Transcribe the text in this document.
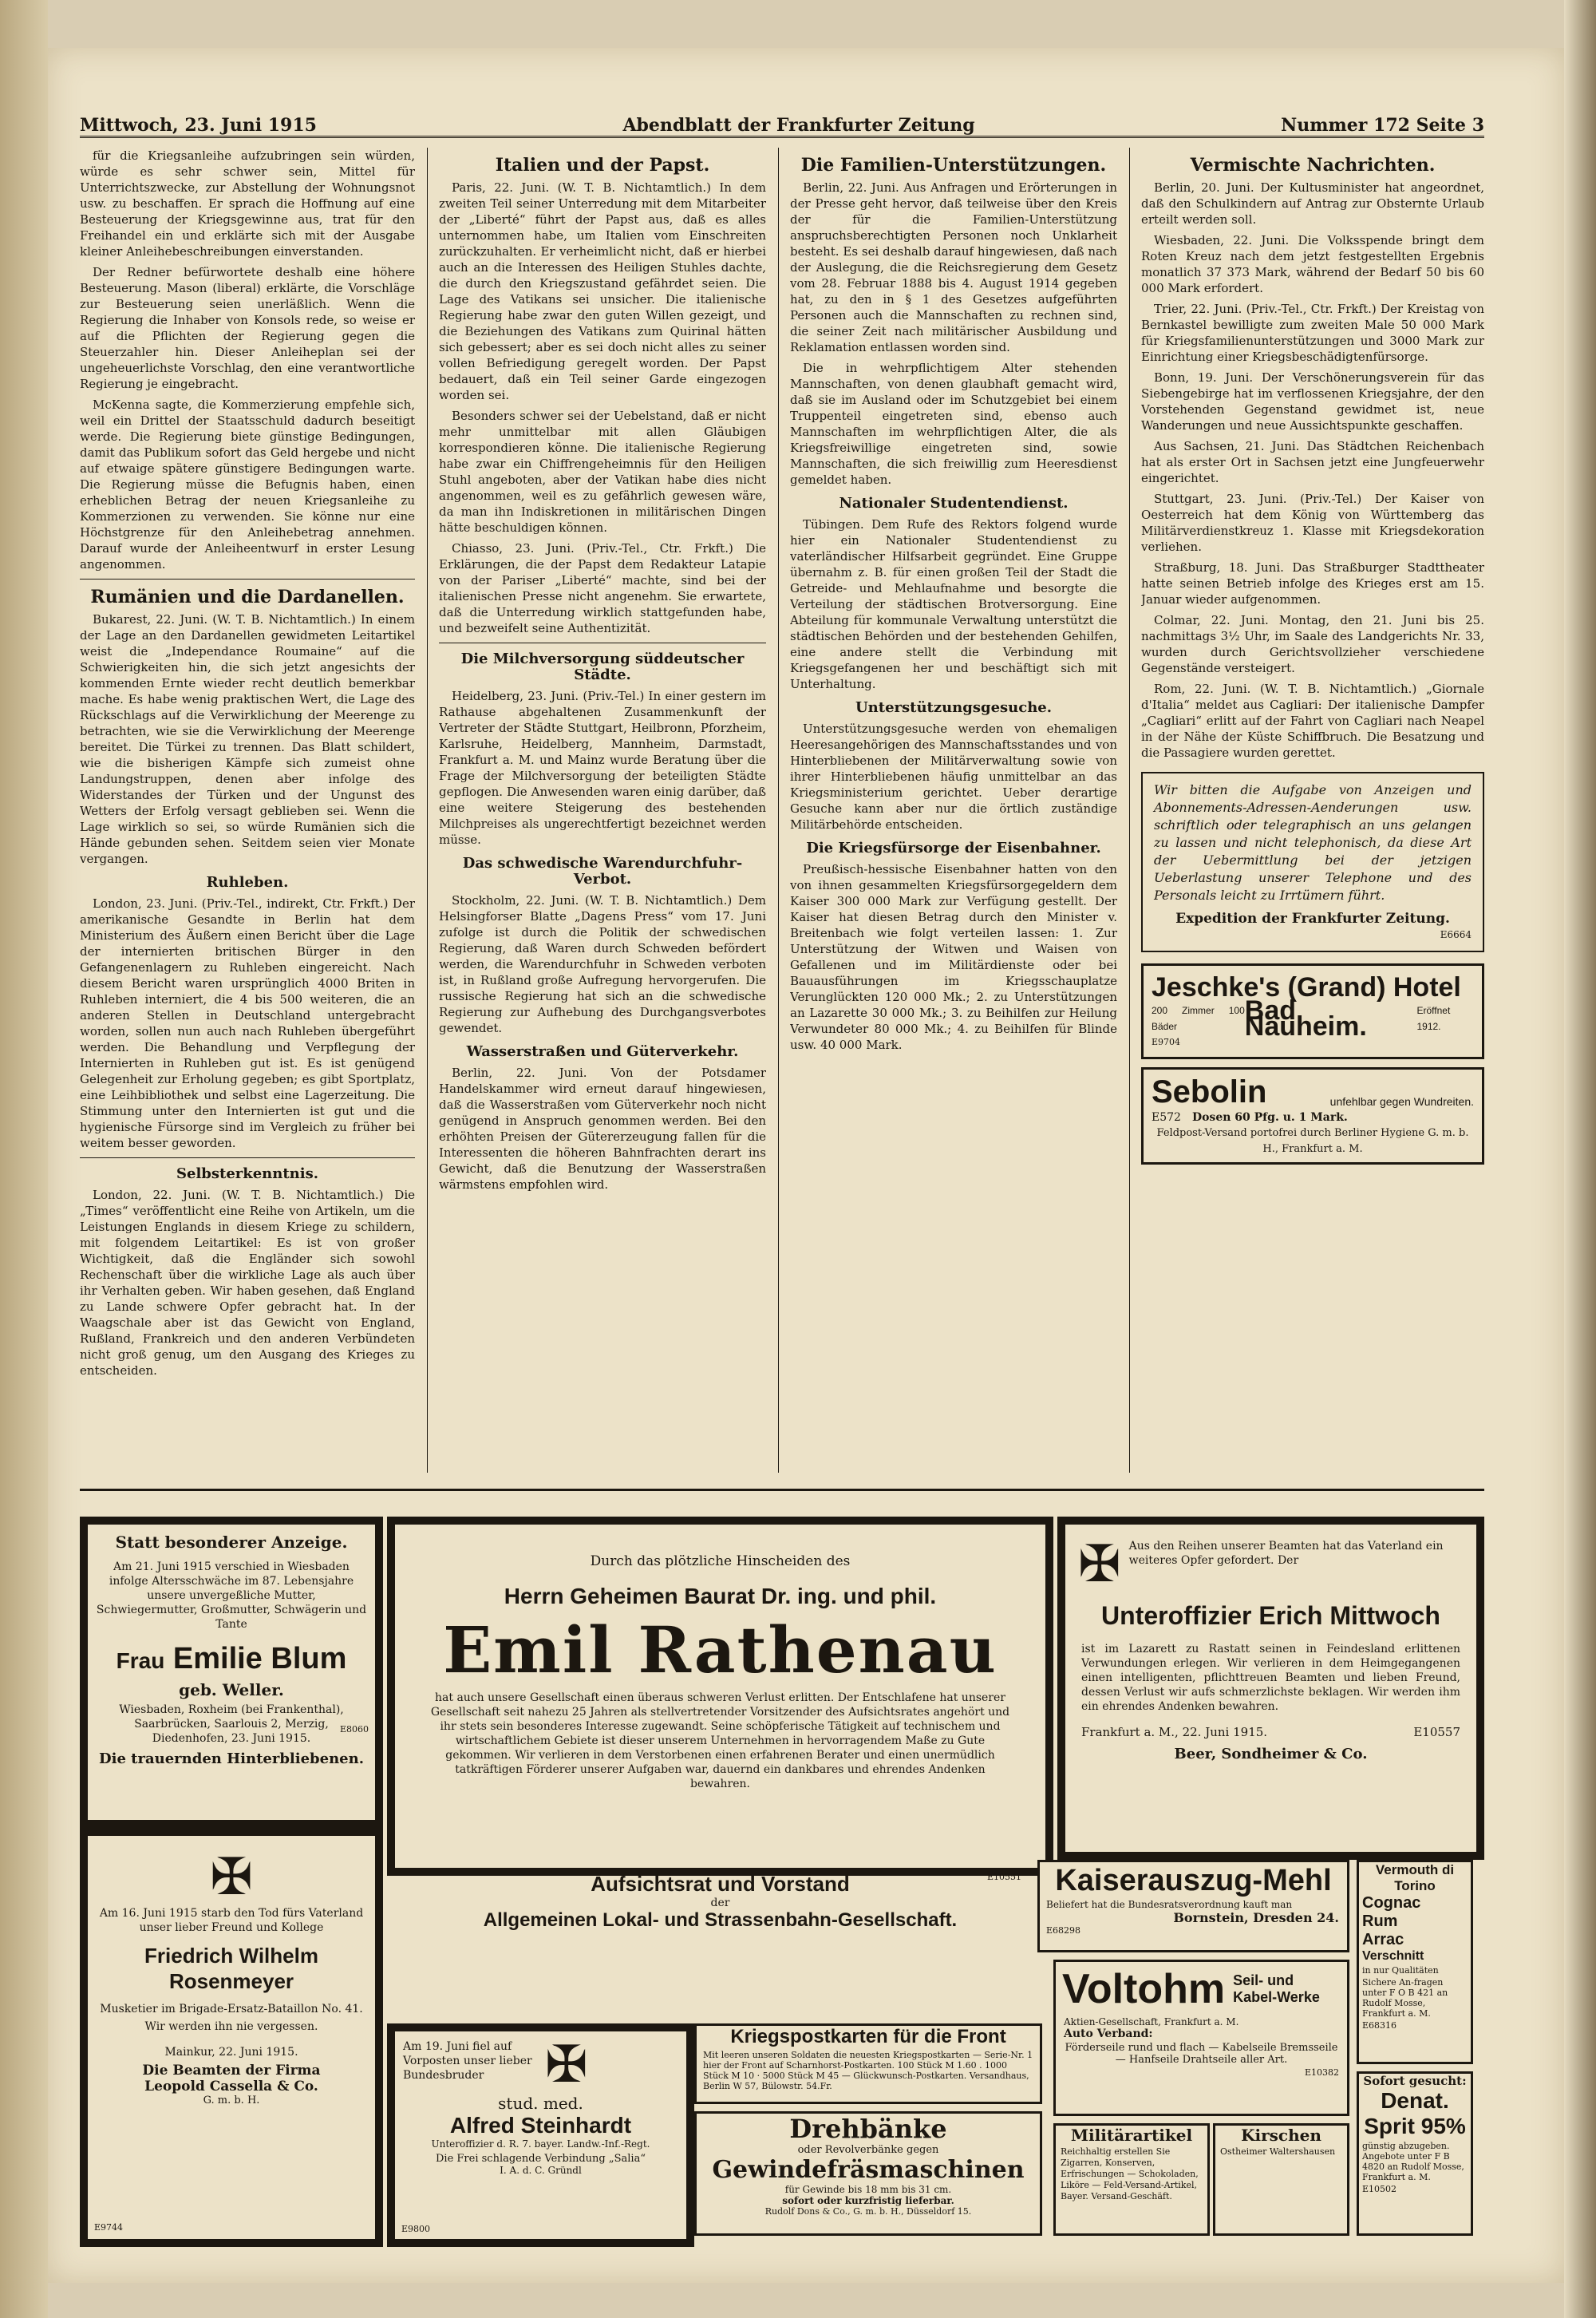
Mittwoch, 23. Juni 1915	Abendblatt der Frankfurter Zeitung	Nummer 172 Seite 3

für die Kriegsanleihe aufzubringen sein würden, würde es sehr schwer sein, Mittel für Unterrichtszwecke, zur Abstellung der Wohnungsnot usw. zu beschaffen. Er sprach die Hoffnung auf eine Besteuerung der Kriegsgewinne aus, trat für den Freihandel ein und erklärte sich mit der Ausgabe kleiner Anleihebeschreibungen einverstanden.

Der Redner befürwortete deshalb eine höhere Besteuerung. Mason (liberal) erklärte, die Vorschläge zur Besteuerung seien unerläßlich. Wenn die Regierung die Inhaber von Konsols rede, so weise er auf die Pflichten der Regierung gegen die Steuerzahler hin. Dieser Anleiheplan sei der ungeheuerlichste Vorschlag, den eine verantwortliche Regierung je eingebracht.

McKenna sagte, die Kommerzierung empfehle sich, weil ein Drittel der Staatsschuld dadurch beseitigt werde. Die Regierung biete günstige Bedingungen, damit das Publikum sofort das Geld hergebe und nicht auf etwaige spätere günstigere Bedingungen warte. Die Regierung müsse die Befugnis haben, einen erheblichen Betrag der neuen Kriegsanleihe zu Kommerzionen zu verwenden. Sie könne nur eine Höchstgrenze für den Anleihebetrag annehmen. Darauf wurde der Anleiheentwurf in erster Lesung angenommen.

Rumänien und die Dardanellen.

Bukarest, 22. Juni. (W. T. B. Nichtamtlich.) In einem der Lage an den Dardanellen gewidmeten Leitartikel weist die „Independance Roumaine“ auf die Schwierigkeiten hin, die sich jetzt angesichts der kommenden Ernte wieder recht deutlich bemerkbar mache. Es habe wenig praktischen Wert, die Lage des Rückschlags auf die Verwirklichung der Meerenge zu betrachten, wie sie die Verwirklichung der Meerenge bereitet. Die Türkei zu trennen. Das Blatt schildert, wie die bisherigen Kämpfe sich zumeist ohne Landungstruppen, denen aber infolge des Widerstandes der Türken und der Ungunst des Wetters der Erfolg versagt geblieben sei. Wenn die Lage wirklich so sei, so würde Rumänien sich die Hände gebunden sehen. Seitdem seien vier Monate vergangen.

Ruhleben.

London, 23. Juni. (Priv.-Tel., indirekt, Ctr. Frkft.) Der amerikanische Gesandte in Berlin hat dem Ministerium des Äußern einen Bericht über die Lage der internierten britischen Bürger in den Gefangenenlagern zu Ruhleben eingereicht. Nach diesem Bericht waren ursprünglich 4000 Briten in Ruhleben interniert, die 4 bis 500 weiteren, die an anderen Stellen in Deutschland untergebracht worden, sollen nun auch nach Ruhleben übergeführt werden. Die Behandlung und Verpflegung der Internierten in Ruhleben gut ist. Es ist genügend Gelegenheit zur Erholung gegeben; es gibt Sportplatz, eine Leihbibliothek und selbst eine Lagerzeitung. Die Stimmung unter den Internierten ist gut und die hygienische Fürsorge sind im Vergleich zu früher bei weitem besser geworden.

Selbsterkenntnis.

London, 22. Juni. (W. T. B. Nichtamtlich.) Die „Times“ veröffentlicht eine Reihe von Artikeln, um die Leistungen Englands in diesem Kriege zu schildern, mit folgendem Leitartikel: Es ist von großer Wichtigkeit, daß die Engländer sich sowohl Rechenschaft über die wirkliche Lage als auch über ihr Verhalten geben. Wir haben gesehen, daß England zu Lande schwere Opfer gebracht hat. In der Waagschale aber ist das Gewicht von England, Rußland, Frankreich und den anderen Verbündeten nicht groß genug, um den Ausgang des Krieges zu entscheiden.

Italien und der Papst.

Paris, 22. Juni. (W. T. B. Nichtamtlich.) In dem zweiten Teil seiner Unterredung mit dem Mitarbeiter der „Liberté“ führt der Papst aus, daß es alles unternommen habe, um Italien vom Einschreiten zurückzuhalten. Er verheimlicht nicht, daß er hierbei auch an die Interessen des Heiligen Stuhles dachte, die durch den Kriegszustand gefährdet seien. Die Lage des Vatikans sei unsicher. Die italienische Regierung habe zwar den guten Willen gezeigt, und die Beziehungen des Vatikans zum Quirinal hätten sich gebessert; aber es sei doch nicht alles zu seiner vollen Befriedigung geregelt worden. Der Papst bedauert, daß ein Teil seiner Garde eingezogen worden sei.

Besonders schwer sei der Uebelstand, daß er nicht mehr unmittelbar mit allen Gläubigen korrespondieren könne. Die italienische Regierung habe zwar ein Chiffrengeheimnis für den Heiligen Stuhl angeboten, aber der Vatikan habe dies nicht angenommen, weil es zu gefährlich gewesen wäre, da man ihn Indiskretionen in militärischen Dingen hätte beschuldigen können.

Chiasso, 23. Juni. (Priv.-Tel., Ctr. Frkft.) Die Erklärungen, die der Papst dem Redakteur Latapie von der Pariser „Liberté“ machte, sind bei der italienischen Presse nicht angenehm. Sie erwartete, daß die Unterredung wirklich stattgefunden habe, und bezweifelt seine Authentizität.

Die Milchversorgung süddeutscher Städte.

Heidelberg, 23. Juni. (Priv.-Tel.) In einer gestern im Rathause abgehaltenen Zusammenkunft der Vertreter der Städte Stuttgart, Heilbronn, Pforzheim, Karlsruhe, Heidelberg, Mannheim, Darmstadt, Frankfurt a. M. und Mainz wurde Beratung über die Frage der Milchversorgung der beteiligten Städte gepflogen. Die Anwesenden waren einig darüber, daß eine weitere Steigerung des bestehenden Milchpreises als ungerechtfertigt bezeichnet werden müsse.

Das schwedische Warendurchfuhr-Verbot.

Stockholm, 22. Juni. (W. T. B. Nichtamtlich.) Dem Helsingforser Blatte „Dagens Press“ vom 17. Juni zufolge ist durch die Politik der schwedischen Regierung, daß Waren durch Schweden befördert werden, die Warendurchfuhr in Schweden verboten ist, in Rußland große Aufregung hervorgerufen. Die russische Regierung hat sich an die schwedische Regierung zur Aufhebung des Durchgangsverbotes gewendet.

Wasserstraßen und Güterverkehr.

Berlin, 22. Juni. Von der Potsdamer Handelskammer wird erneut darauf hingewiesen, daß die Wasserstraßen vom Güterverkehr noch nicht genügend in Anspruch genommen werden. Bei den erhöhten Preisen der Gütererzeugung fallen für die Interessenten die höheren Bahnfrachten derart ins Gewicht, daß die Benutzung der Wasserstraßen wärmstens empfohlen wird.

Die Familien-Unterstützungen.

Berlin, 22. Juni. Aus Anfragen und Erörterungen in der Presse geht hervor, daß teilweise über den Kreis der für die Familien-Unterstützung anspruchsberechtigten Personen noch Unklarheit besteht. Es sei deshalb darauf hingewiesen, daß nach der Auslegung, die die Reichsregierung dem Gesetz vom 28. Februar 1888 bis 4. August 1914 gegeben hat, zu den in § 1 des Gesetzes aufgeführten Personen auch die Mannschaften zu rechnen sind, die seiner Zeit nach militärischer Ausbildung und Reklamation entlassen worden sind.

Die in wehrpflichtigem Alter stehenden Mannschaften, von denen glaubhaft gemacht wird, daß sie im Ausland oder im Schutzgebiet bei einem Truppenteil eingetreten sind, ebenso auch Mannschaften im wehrpflichtigen Alter, die als Kriegsfreiwillige eingetreten sind, sowie Mannschaften, die sich freiwillig zum Heeresdienst gemeldet haben.

Nationaler Studentendienst.

Tübingen. Dem Rufe des Rektors folgend wurde hier ein Nationaler Studentendienst zu vaterländischer Hilfsarbeit gegründet. Eine Gruppe übernahm z. B. für einen großen Teil der Stadt die Getreide- und Mehlaufnahme und besorgte die Verteilung der städtischen Brotversorgung. Eine Abteilung für kommunale Verwaltung unterstützt die städtischen Behörden und der bestehenden Gehilfen, eine andere stellt die Verbindung mit Kriegsgefangenen her und beschäftigt sich mit Unterhaltung.

Unterstützungsgesuche.

Unterstützungsgesuche werden von ehemaligen Heeresangehörigen des Mannschaftsstandes und von Hinterbliebenen der Militärverwaltung sowie von ihrer Hinterbliebenen häufig unmittelbar an das Kriegsministerium gerichtet. Ueber derartige Gesuche kann aber nur die örtlich zuständige Militärbehörde entscheiden.

Die Kriegsfürsorge der Eisenbahner.

Preußisch-hessische Eisenbahner hatten von den von ihnen gesammelten Kriegsfürsorgegeldern dem Kaiser 300 000 Mark zur Verfügung gestellt. Der Kaiser hat diesen Betrag durch den Minister v. Breitenbach wie folgt verteilen lassen: 1. Zur Unterstützung der Witwen und Waisen von Gefallenen und im Militärdienste oder bei Bauausführungen im Kriegsschauplatze Verunglückten 120 000 Mk.; 2. zu Unterstützungen an Lazarette 30 000 Mk.; 3. zu Beihilfen zur Heilung Verwundeter 80 000 Mk.; 4. zu Beihilfen für Blinde usw. 40 000 Mark.

Vermischte Nachrichten.

Berlin, 20. Juni. Der Kultusminister hat angeordnet, daß den Schulkindern auf Antrag zur Obsternte Urlaub erteilt werden soll.

Wiesbaden, 22. Juni. Die Volksspende bringt dem Roten Kreuz nach dem jetzt festgestellten Ergebnis monatlich 37 373 Mark, während der Bedarf 50 bis 60 000 Mark erfordert.

Trier, 22. Juni. (Priv.-Tel., Ctr. Frkft.) Der Kreistag von Bernkastel bewilligte zum zweiten Male 50 000 Mark für Kriegsfamilienunterstützungen und 3000 Mark zur Einrichtung einer Kriegsbeschädigtenfürsorge.

Bonn, 19. Juni. Der Verschönerungsverein für das Siebengebirge hat im verflossenen Kriegsjahre, der den Vorstehenden Gegenstand gewidmet ist, neue Wanderungen und neue Aussichtspunkte geschaffen.

Aus Sachsen, 21. Juni. Das Städtchen Reichenbach hat als erster Ort in Sachsen jetzt eine Jungfeuerwehr eingerichtet.

Stuttgart, 23. Juni. (Priv.-Tel.) Der Kaiser von Oesterreich hat dem König von Württemberg das Militärverdienstkreuz 1. Klasse mit Kriegsdekoration verliehen.

Straßburg, 18. Juni. Das Straßburger Stadttheater hatte seinen Betrieb infolge des Krieges erst am 15. Januar wieder aufgenommen.

Colmar, 22. Juni. Montag, den 21. Juni bis 25. nachmittags 3½ Uhr, im Saale des Landgerichts Nr. 33, wurden durch Gerichtsvollzieher verschiedene Gegenstände versteigert.

Rom, 22. Juni. (W. T. B. Nichtamtlich.) „Giornale d'Italia“ meldet aus Cagliari: Der italienische Dampfer „Cagliari“ erlitt auf der Fahrt von Cagliari nach Neapel in der Nähe der Küste Schiffbruch. Die Besatzung und die Passagiere wurden gerettet.

Wir bitten die Aufgabe von Anzeigen und Abonnements-Adressen-Aenderungen usw. schriftlich oder telegraphisch an uns gelangen zu lassen und nicht telephonisch, da diese Art der Uebermittlung bei der jetzigen Ueberlastung unserer Telephone und des Personals leicht zu Irrtümern führt.
Expedition der Frankfurter Zeitung.
E6664
Jeschke's (Grand) Hotel
200 Zimmer 100 Bäder
Bad Nauheim.
Eröffnet 1912.
E9704
Sebolin	unfehlbar gegen Wundreiten.
E572 Dosen 60 Pfg. u. 1 Mark.
Feldpost-Versand portofrei durch Berliner Hygiene G. m. b. H., Frankfurt a. M.
Statt besonderer Anzeige.
Am 21. Juni 1915 verschied in Wiesbaden infolge Altersschwäche im 87. Lebensjahre unsere unvergeßliche Mutter, Schwiegermutter, Großmutter, Schwägerin und Tante
Frau Emilie Blum
geb. Weller.
Wiesbaden, Roxheim (bei Frankenthal), Saarbrücken, Saarlouis 2, Merzig, Diedenhofen, 23. Juni 1915.
Die trauernden Hinterbliebenen.
E8060
Durch das plötzliche Hinscheiden des
Herrn Geheimen Baurat Dr. ing. und phil.
Emil Rathenau
hat auch unsere Gesellschaft einen überaus schweren Verlust erlitten. Der Entschlafene hat unserer Gesellschaft seit nahezu 25 Jahren als stellvertretender Vorsitzender des Aufsichtsrates angehört und ihr stets sein besonderes Interesse zugewandt. Seine schöpferische Tätigkeit auf technischem und wirtschaftlichem Gebiete ist dieser unserem Unternehmen in hervorragendem Maße zu Gute gekommen. Wir verlieren in dem Verstorbenen einen erfahrenen Berater und einen unermüdlich tatkräftigen Förderer unserer Aufgaben war, dauernd ein dankbares und ehrendes Andenken bewahren.
Aufsichtsrat und Vorstand
der
Allgemeinen Lokal- und Strassenbahn-Gesellschaft.
E10551
✠ Aus den Reihen unserer Beamten hat das Vaterland ein weiteres Opfer gefordert. Der
Unteroffizier Erich Mittwoch
ist im Lazarett zu Rastatt seinen in Feindesland erlittenen Verwundungen erlegen. Wir verlieren in dem Heimgegangenen einen intelligenten, pflichttreuen Beamten und lieben Freund, dessen Verlust wir aufs schmerzlichste beklagen. Wir werden ihm ein ehrendes Andenken bewahren.
Frankfurt a. M., 22. Juni 1915.	E10557
Beer, Sondheimer & Co.
✠
Am 16. Juni 1915 starb den Tod fürs Vaterland unser lieber Freund und Kollege
Friedrich Wilhelm Rosenmeyer
Musketier im Brigade-Ersatz-Bataillon No. 41.
Wir werden ihn nie vergessen.
Mainkur, 22. Juni 1915.
Die Beamten der Firma
Leopold Cassella & Co.
G. m. b. H.
E9744
Am 19. Juni fiel auf Vorposten unser lieber Bundesbruder	✠
stud. med.
Alfred Steinhardt
Unteroffizier d. R. 7. bayer. Landw.-Inf.-Regt.
Die Frei schlagende Verbindung „Salia“
I. A. d. C. Gründl
E9800
Kriegspostkarten für die Front
Mit leeren unseren Soldaten die neuesten Kriegspostkarten — Serie-Nr. 1 hier der Front auf Scharnhorst-Postkarten. 100 Stück M 1.60 . 1000 Stück M 10 · 5000 Stück M 45 — Glückwunsch-Postkarten. Versandhaus, Berlin W 57, Bülowstr. 54.Fr.
Drehbänke
oder Revolverbänke gegen
Gewindefräsmaschinen
für Gewinde bis 18 mm bis 31 cm.
sofort oder kurzfristig lieferbar.
Rudolf Dons & Co., G. m. b. H., Düsseldorf 15.
Kaiserauszug-Mehl
Beliefert hat die Bundesratsverordnung kauft man
Bornstein, Dresden 24.
E68298
Vermouth di Torino
Cognac
Rum
Arrac
Verschnitt
in nur Qualitäten
Sichere An-fragen unter F O B 421 an Rudolf Mosse, Frankfurt a. M.
E68316
Voltohm Seil- und Kabel-Werke
Aktien-Gesellschaft, Frankfurt a. M.
Auto Verband:
Förderseile rund und flach — Kabelseile Bremsseile — Hanfseile Drahtseile aller Art.
E10382
Militärartikel
Reichhaltig erstellen Sie Zigarren, Konserven, Erfrischungen — Schokoladen, Liköre — Feld-Versand-Artikel, Bayer. Versand-Geschäft.
Kirschen
Ostheimer Waltershausen
Sofort gesucht:
Denat. Sprit 95%
günstig abzugeben. Angebote unter F B 4820 an Rudolf Mosse, Frankfurt a. M.
E10502
